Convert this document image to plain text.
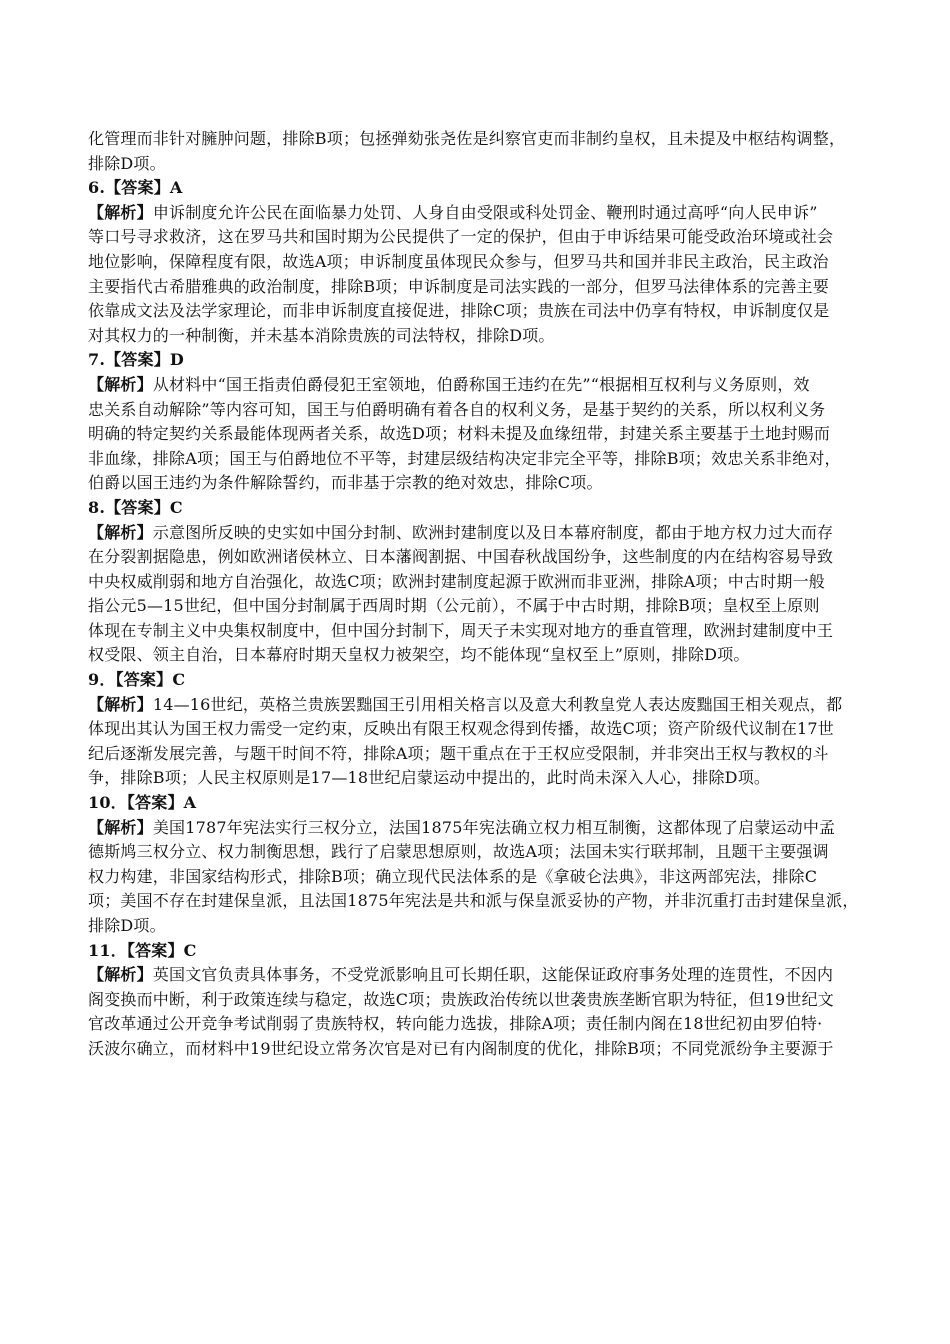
化管理而非针对臃肿问题，排除B项；包拯弹劾张尧佐是纠察官吏而非制约皇权，且未提及中枢结构调整，
排除D项。
6.【答案】A
【解析】申诉制度允许公民在面临暴力处罚、人身自由受限或科处罚金、鞭刑时通过高呼“向人民申诉”
等口号寻求救济，这在罗马共和国时期为公民提供了一定的保护，但由于申诉结果可能受政治环境或社会
地位影响，保障程度有限，故选A项；申诉制度虽体现民众参与，但罗马共和国并非民主政治，民主政治
主要指代古希腊雅典的政治制度，排除B项；申诉制度是司法实践的一部分，但罗马法律体系的完善主要
依靠成文法及法学家理论，而非申诉制度直接促进，排除C项；贵族在司法中仍享有特权，申诉制度仅是
对其权力的一种制衡，并未基本消除贵族的司法特权，排除D项。
7.【答案】D
【解析】从材料中“国王指责伯爵侵犯王室领地，伯爵称国王违约在先”“根据相互权利与义务原则，效
忠关系自动解除”等内容可知，国王与伯爵明确有着各自的权利义务，是基于契约的关系，所以权利义务
明确的特定契约关系最能体现两者关系，故选D项；材料未提及血缘纽带，封建关系主要基于土地封赐而
非血缘，排除A项；国王与伯爵地位不平等，封建层级结构决定非完全平等，排除B项；效忠关系非绝对，
伯爵以国王违约为条件解除誓约，而非基于宗教的绝对效忠，排除C项。
8.【答案】C
【解析】示意图所反映的史实如中国分封制、欧洲封建制度以及日本幕府制度，都由于地方权力过大而存
在分裂割据隐患，例如欧洲诸侯林立、日本藩阀割据、中国春秋战国纷争，这些制度的内在结构容易导致
中央权威削弱和地方自治强化，故选C项；欧洲封建制度起源于欧洲而非亚洲，排除A项；中古时期一般
指公元5—15世纪，但中国分封制属于西周时期（公元前），不属于中古时期，排除B项；皇权至上原则
体现在专制主义中央集权制度中，但中国分封制下，周天子未实现对地方的垂直管理，欧洲封建制度中王
权受限、领主自治，日本幕府时期天皇权力被架空，均不能体现“皇权至上”原则，排除D项。
9．【答案】C
【解析】14—16世纪，英格兰贵族罢黜国王引用相关格言以及意大利教皇党人表达废黜国王相关观点，都
体现出其认为国王权力需受一定约束，反映出有限王权观念得到传播，故选C项；资产阶级代议制在17世
纪后逐渐发展完善，与题干时间不符，排除A项；题干重点在于王权应受限制，并非突出王权与教权的斗
争，排除B项；人民主权原则是17—18世纪启蒙运动中提出的，此时尚未深入人心，排除D项。
10．【答案】A
【解析】美国1787年宪法实行三权分立，法国1875年宪法确立权力相互制衡，这都体现了启蒙运动中孟
德斯鸠三权分立、权力制衡思想，践行了启蒙思想原则，故选A项；法国未实行联邦制，且题干主要强调
权力构建，非国家结构形式，排除B项；确立现代民法体系的是《拿破仑法典》，非这两部宪法，排除C
项；美国不存在封建保皇派，且法国1875年宪法是共和派与保皇派妥协的产物，并非沉重打击封建保皇派，
排除D项。
11．【答案】C
【解析】英国文官负责具体事务，不受党派影响且可长期任职，这能保证政府事务处理的连贯性，不因内
阁变换而中断，利于政策连续与稳定，故选C项；贵族政治传统以世袭贵族垄断官职为特征，但19世纪文
官改革通过公开竞争考试削弱了贵族特权，转向能力选拔，排除A项；责任制内阁在18世纪初由罗伯特·
沃波尔确立，而材料中19世纪设立常务次官是对已有内阁制度的优化，排除B项；不同党派纷争主要源于
